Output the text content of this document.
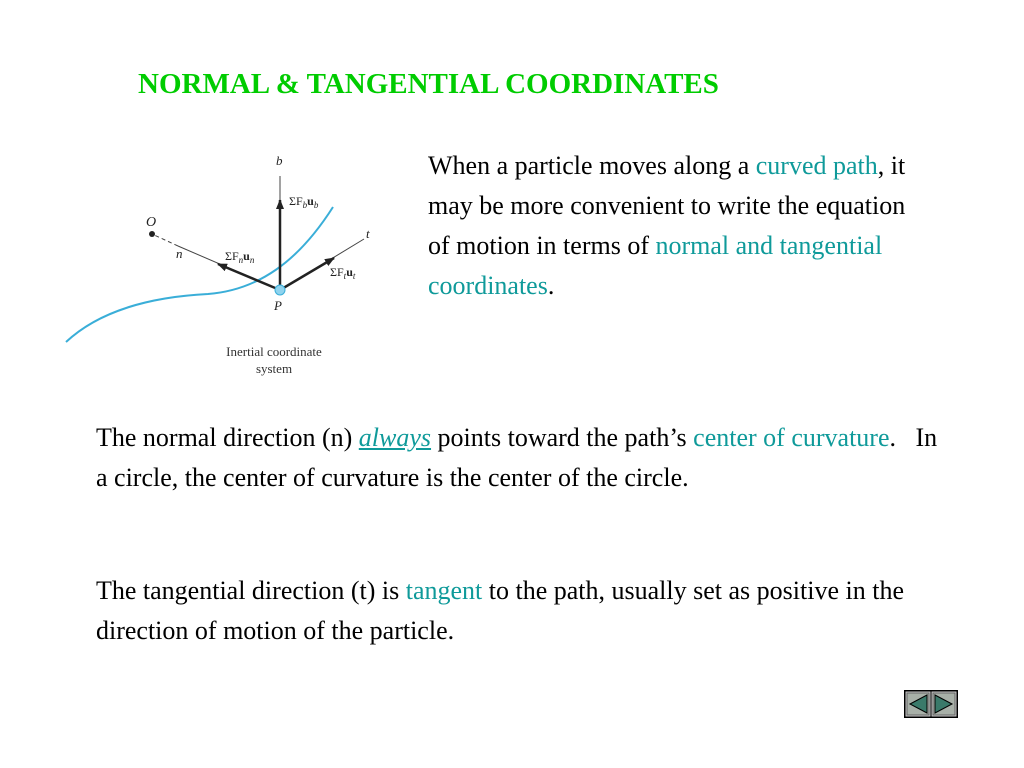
NORMAL & TANGENTIAL COORDINATES
b
O
n
t
P
$\Sigma F_bu_b$
$\Sigma F_nu_n$
$\Sigma F_tu_t$
Inertial coordinate
system
When a particle moves along a curved path, it may be more convenient to write the equation of motion in terms of normal and tangential coordinates.
The normal direction (n) always points toward the path’s center of curvature.   In a circle, the center of curvature is the center of the circle.
The tangential direction (t) is tangent to the path, usually set as positive in the direction of motion of the particle.
